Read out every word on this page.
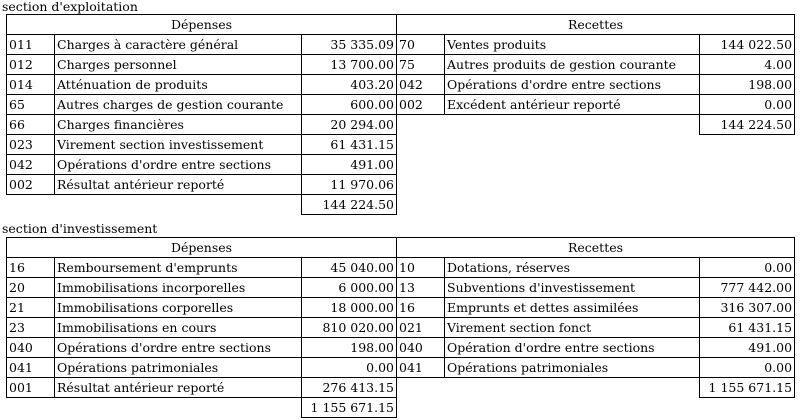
section d'exploitation
Dépenses		
011	Charges à caractère général	35 335.09
012	Charges personnel	13 700.00
014	Atténuation de produits	403.20
65	Autres charges de gestion courante	600.00
66	Charges financières	20 294.00
023	Virement section investissement	61 431.15
042	Opérations d'ordre entre sections	491.00
002	Résultat antérieur reporté	11 970.06
		144 224.50
Recettes		
70	Ventes produits	144 022.50
75	Autres produits de gestion courante	4.00
042	Opérations d'ordre entre sections	198.00
002	Excédent antérieur reporté	0.00
		144 224.50
section d'investissement
Dépenses		
16	Remboursement d'emprunts	45 040.00
20	Immobilisations incorporelles	6 000.00
21	Immobilisations corporelles	18 000.00
23	Immobilisations en cours	810 020.00
040	Opérations d'ordre entre sections	198.00
041	Opérations patrimoniales	0.00
001	Résultat antérieur reporté	276 413.15
		1 155 671.15
Recettes		
10	Dotations, réserves	0.00
13	Subventions d'investissement	777 442.00
16	Emprunts et dettes assimilées	316 307.00
021	Virement section fonct	61 431.15
040	Opération d'ordre entre sections	491.00
041	Opérations patrimoniales	0.00
		1 155 671.15
